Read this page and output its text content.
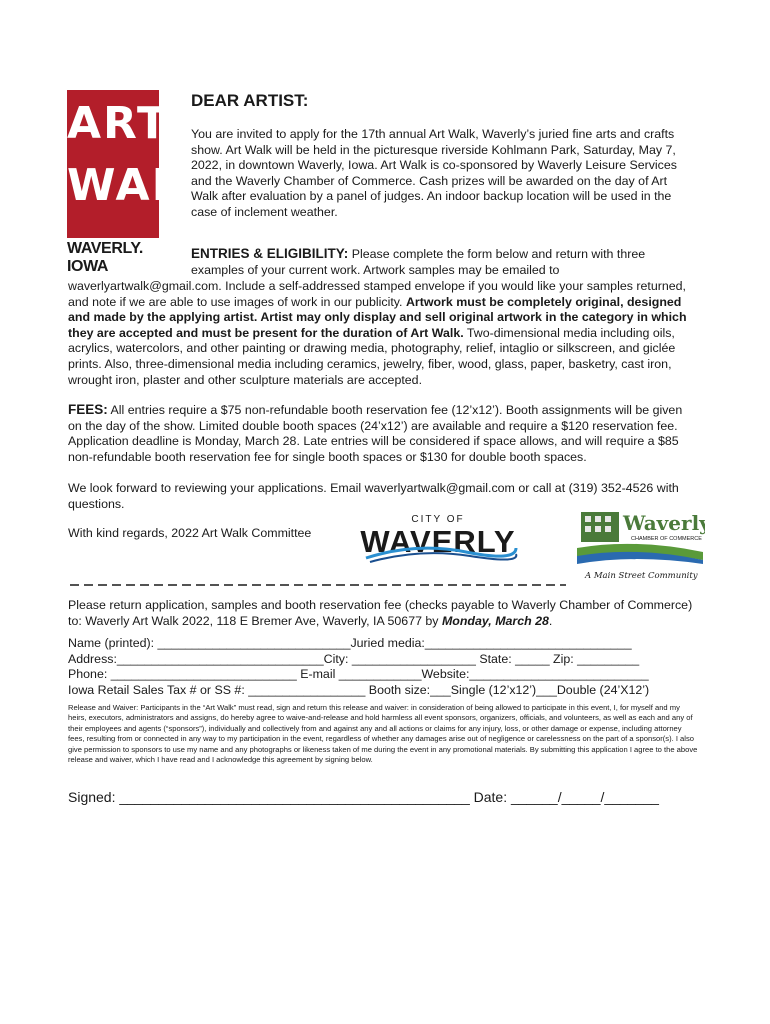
ART
WALK
WAVERLY. IOWA
DEAR ARTIST:

You are invited to apply for the 17th annual Art Walk, Waverly’s juried fine arts and crafts show. Art Walk will be held in the picturesque riverside Kohlmann Park, Saturday, May 7, 2022, in downtown Waverly, Iowa. Art Walk is co-sponsored by Waverly Leisure Services and the Waverly Chamber of Commerce. Cash prizes will be awarded on the day of Art Walk after evaluation by a panel of judges. An indoor backup location will be used in the case of inclement weather.

ENTRIES & ELIGIBILITY: Please complete the form below and return with three examples of your current work. Artwork samples may be emailed to

waverlyartwalk@gmail.com. Include a self-addressed stamped envelope if you would like your samples returned, and note if we are able to use images of work in our publicity. Artwork must be completely original, designed and made by the applying artist. Artist may only display and sell original artwork in the category in which they are accepted and must be present for the duration of Art Walk. Two-dimensional media including oils, acrylics, watercolors, and other painting or drawing media, photography, relief, intaglio or silkscreen, and giclée prints. Also, three-dimensional media including ceramics, jewelry, fiber, wood, glass, paper, basketry, cast iron, wrought iron, plaster and other sculpture materials are accepted.

FEES: All entries require a $75 non-refundable booth reservation fee (12’x12’). Booth assignments will be given on the day of the show. Limited double booth spaces (24’x12’) are available and require a $120 reservation fee. Application deadline is Monday, March 28. Late entries will be considered if space allows, and will require a $85 non-refundable booth reservation fee for single booth spaces or $130 for double booth spaces.

We look forward to reviewing your applications. Email waverlyartwalk@gmail.com or call at (319) 352-4526 with questions.

With kind regards, 2022 Art Walk Committee

CITY OF
WAVERLY
Waverly
CHAMBER OF COMMERCE
A Main Street Community

Please return application, samples and booth reservation fee (checks payable to Waverly Chamber of Commerce) to: Waverly Art Walk 2022, 118 E Bremer Ave, Waverly, IA 50677 by Monday, March 28.

Name (printed): ____________________________Juried media:______________________________

Address:______________________________City: __________________ State: _____ Zip: _________

Phone: ___________________________ E-mail ____________Website:__________________________

Iowa Retail Sales Tax # or SS #: _________________ Booth size:___Single (12’x12’)___Double (24’X12’)

Release and Waiver: Participants in the “Art Walk” must read, sign and return this release and waiver: in consideration of being allowed to participate in this event, I, for myself and my heirs, executors, administrators and assigns, do hereby agree to waive-and-release and hold harmless all event sponsors, organizers, officials, and volunteers, as well as each and any of their employees and agents (“sponsors”), individually and collectively from and against any and all actions or claims for any injury, loss, or other damage or expense, including attorney fees, resulting from or connected in any way to my participation in the event, regardless of whether any damages arise out of negligence or carelessness on the part of a sponsor(s). I also give permission to sponsors to use my name and any photographs or likeness taken of me during the event in any promotional materials. By submitting this application I agree to the above release and waiver, which I have read and I acknowledge this agreement by signing below.

Signed: _____________________________________________ Date: ______/_____/_______
